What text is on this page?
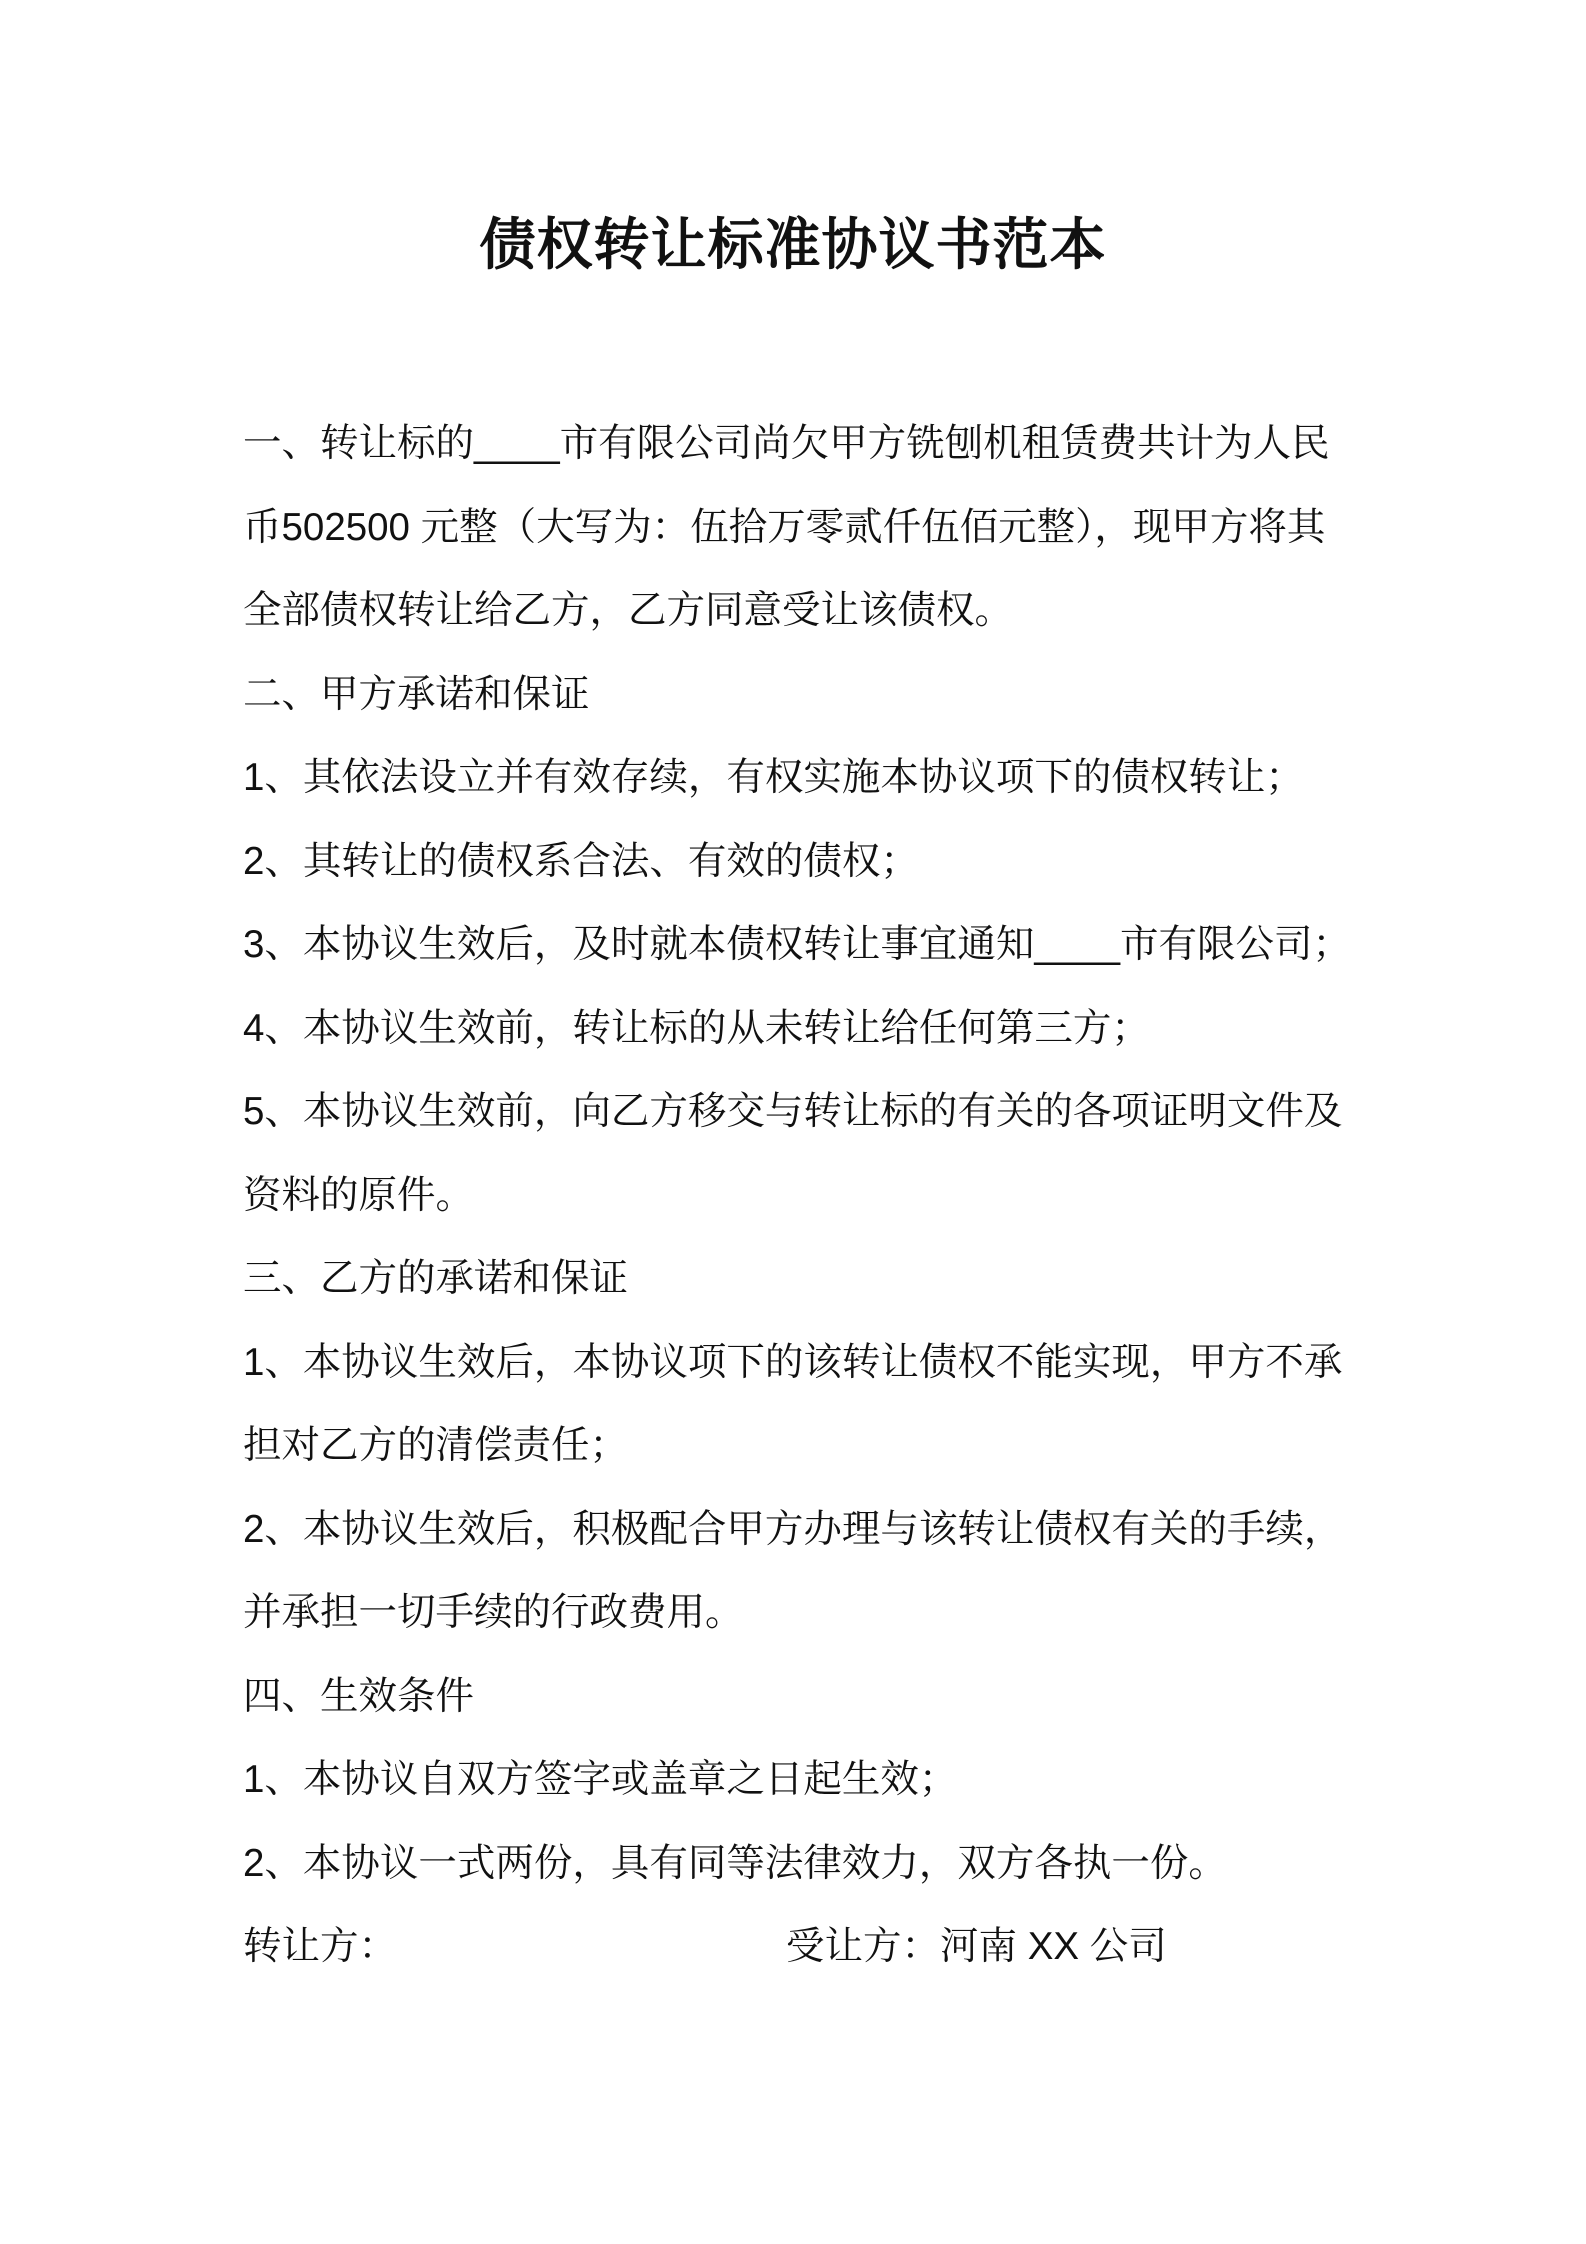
债权转让标准协议书范本

一、转让标的____市有限公司尚欠甲方铣刨机租赁费共计为人民币502500 元整（大写为：伍拾万零贰仟伍佰元整），现甲方将其全部债权转让给乙方，乙方同意受让该债权。

二、甲方承诺和保证

1、其依法设立并有效存续，有权实施本协议项下的债权转让；

2、其转让的债权系合法、有效的债权；

3、本协议生效后，及时就本债权转让事宜通知____市有限公司；

4、本协议生效前，转让标的从未转让给任何第三方；

5、本协议生效前，向乙方移交与转让标的有关的各项证明文件及资料的原件。

三、乙方的承诺和保证

1、本协议生效后，本协议项下的该转让债权不能实现，甲方不承担对乙方的清偿责任；

2、本协议生效后，积极配合甲方办理与该转让债权有关的手续，并承担一切手续的行政费用。

四、生效条件

1、本协议自双方签字或盖章之日起生效；

2、本协议一式两份，具有同等法律效力，双方各执一份。

转让方：	受让方：河南 XX 公司
